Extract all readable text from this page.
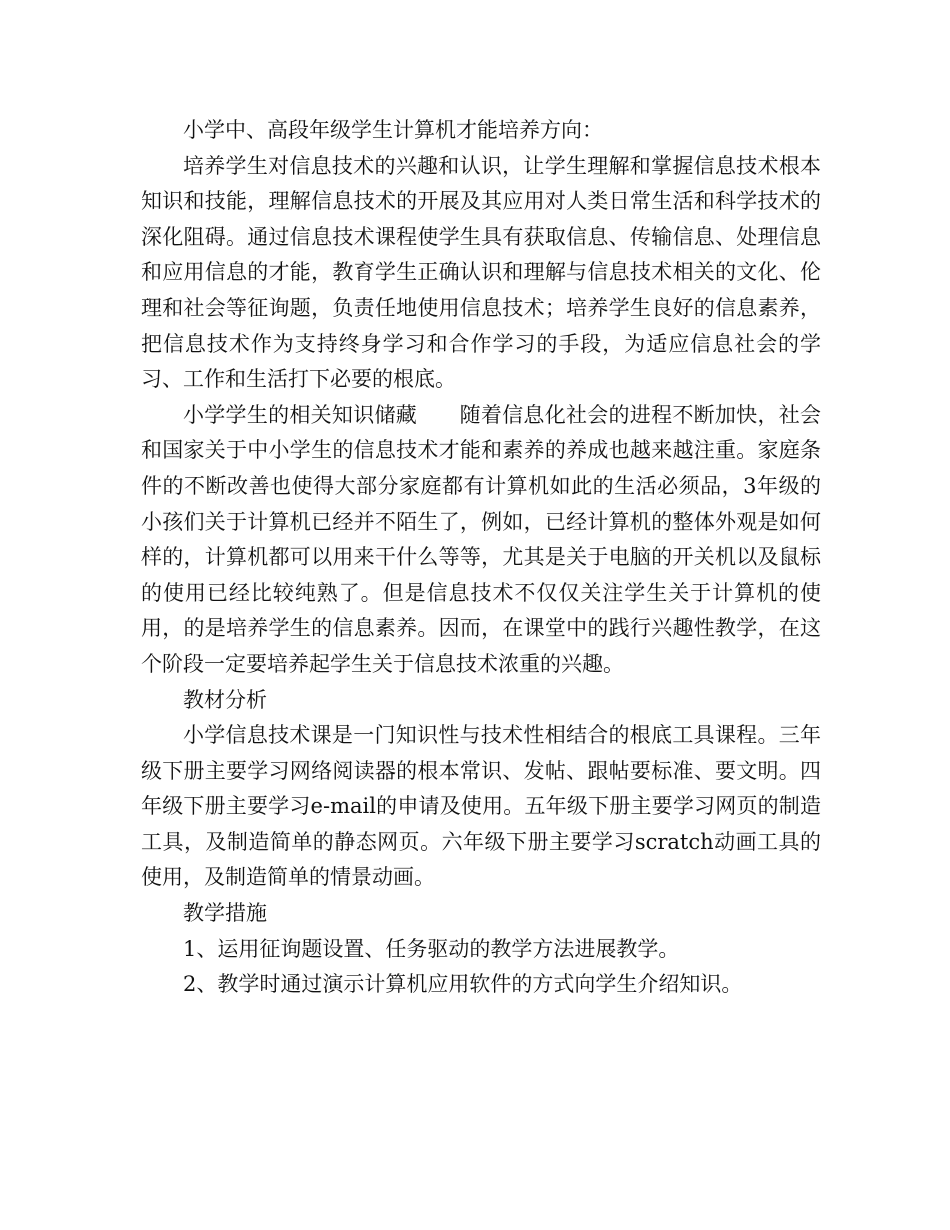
小学中、高段年级学生计算机才能培养方向：

培养学生对信息技术的兴趣和认识，让学生理解和掌握信息技术根本知识和技能，理解信息技术的开展及其应用对人类日常生活和科学技术的深化阻碍。通过信息技术课程使学生具有获取信息、传输信息、处理信息和应用信息的才能，教育学生正确认识和理解与信息技术相关的文化、伦理和社会等征询题，负责任地使用信息技术；培养学生良好的信息素养，把信息技术作为支持终身学习和合作学习的手段，为适应信息社会的学习、工作和生活打下必要的根底。

小学学生的相关知识储藏　　随着信息化社会的进程不断加快，社会和国家关于中小学生的信息技术才能和素养的养成也越来越注重。家庭条件的不断改善也使得大部分家庭都有计算机如此的生活必须品，3年级的小孩们关于计算机已经并不陌生了，例如，已经计算机的整体外观是如何样的，计算机都可以用来干什么等等，尤其是关于电脑的开关机以及鼠标的使用已经比较纯熟了。但是信息技术不仅仅关注学生关于计算机的使用，的是培养学生的信息素养。因而，在课堂中的践行兴趣性教学，在这个阶段一定要培养起学生关于信息技术浓重的兴趣。

教材分析

小学信息技术课是一门知识性与技术性相结合的根底工具课程。三年级下册主要学习网络阅读器的根本常识、发帖、跟帖要标准、要文明。四年级下册主要学习e-mail的申请及使用。五年级下册主要学习网页的制造工具，及制造简单的静态网页。六年级下册主要学习scratch动画工具的使用，及制造简单的情景动画。

教学措施

1、运用征询题设置、任务驱动的教学方法进展教学。

2、教学时通过演示计算机应用软件的方式向学生介绍知识。
